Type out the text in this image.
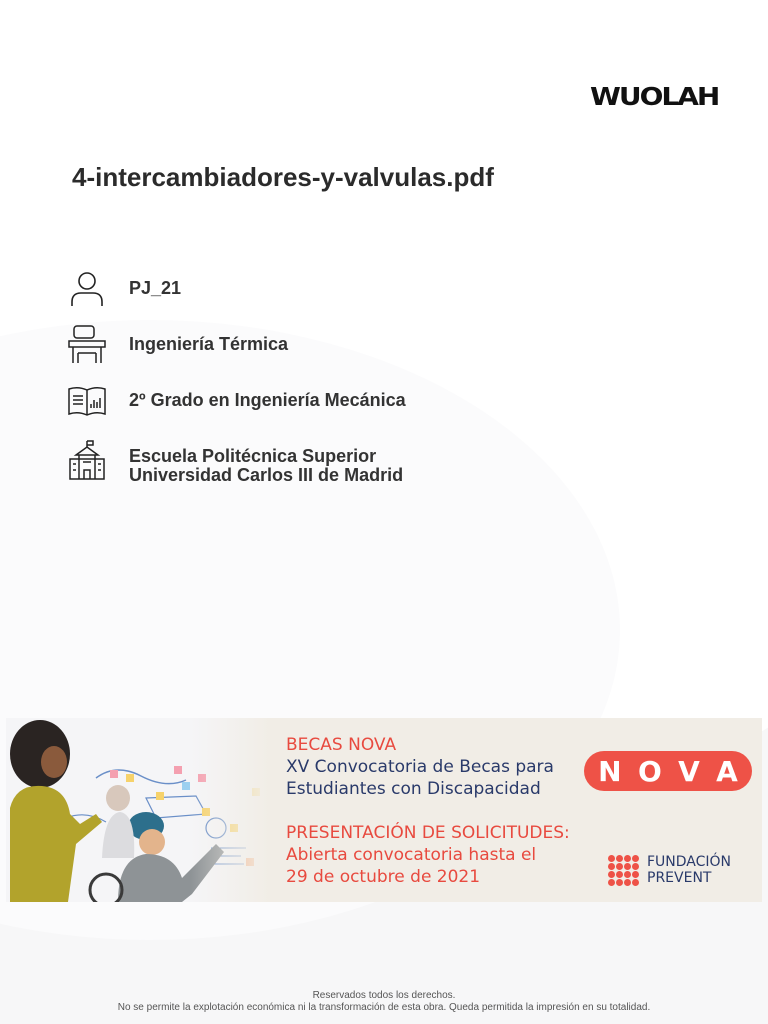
WUOLAH
4-intercambiadores-y-valvulas.pdf
PJ_21
Ingeniería Térmica
2º Grado en Ingeniería Mecánica
Escuela Politécnica Superior
Universidad Carlos III de Madrid
BECAS NOVA
XV Convocatoria de Becas para
Estudiantes con Discapacidad
PRESENTACIÓN DE SOLICITUDES:
Abierta convocatoria hasta el
29 de octubre de 2021
N O V A
FUNDACIÓN
PREVENT
Reservados todos los derechos.
No se permite la explotación económica ni la transformación de esta obra. Queda permitida la impresión en su totalidad.
